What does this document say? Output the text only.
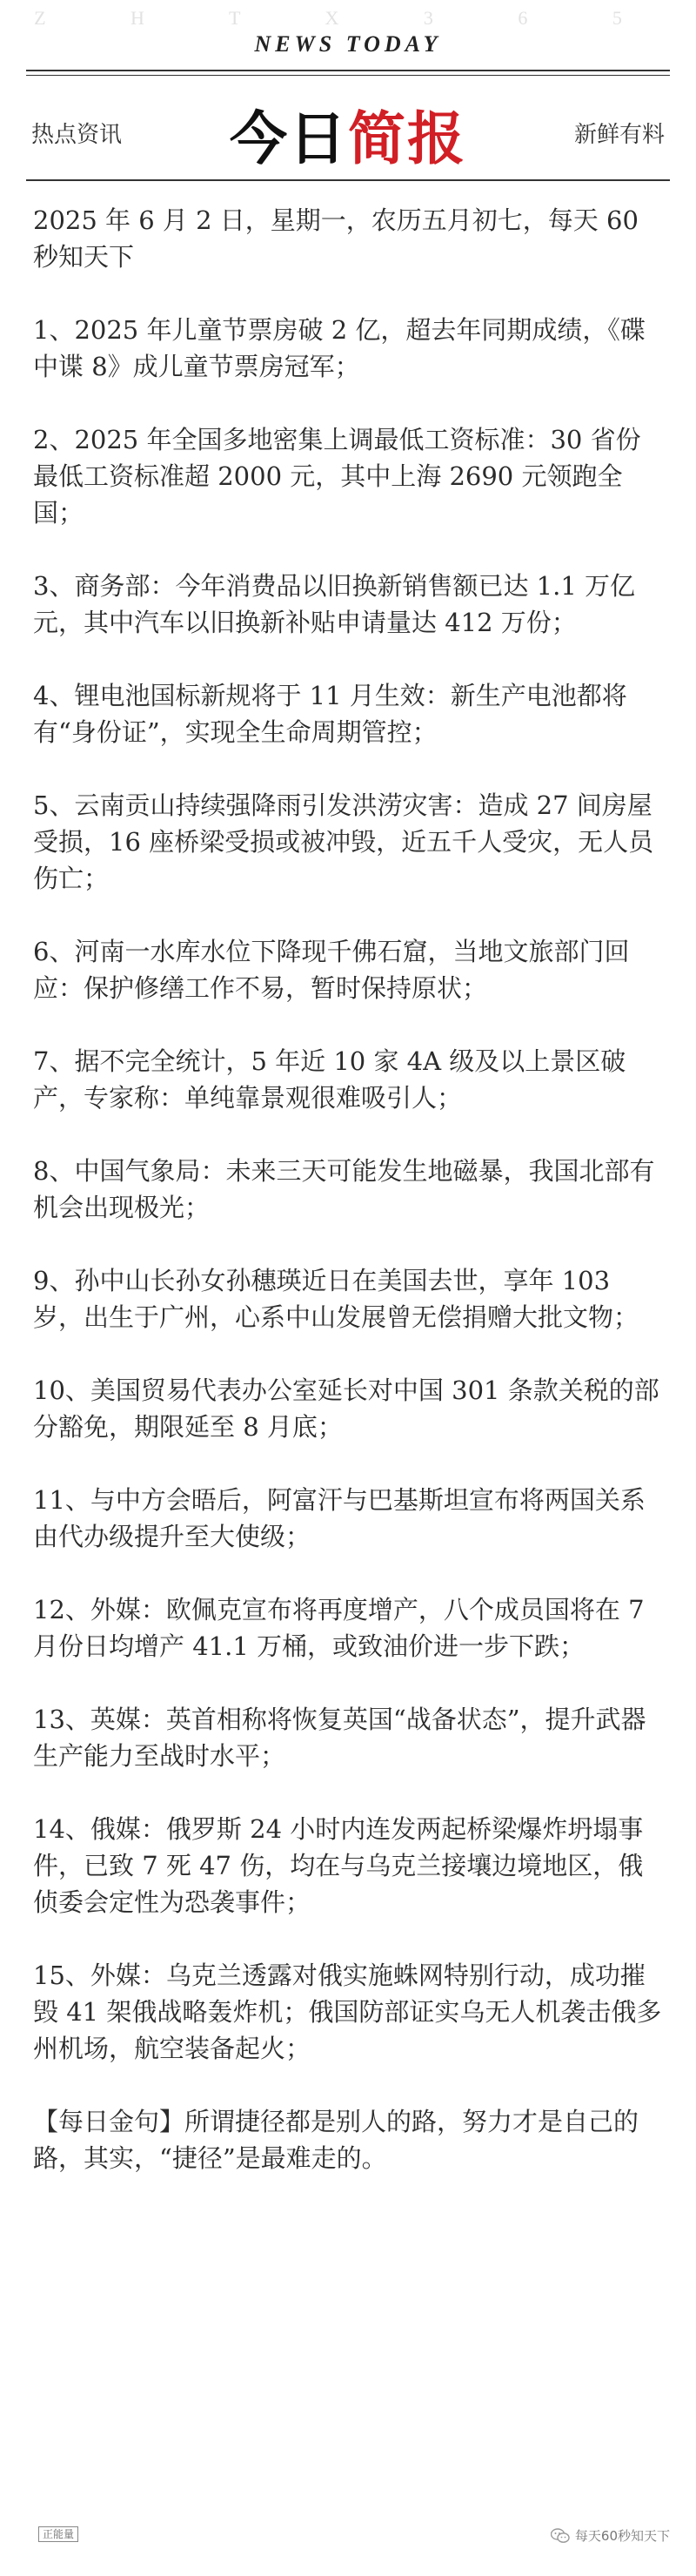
Z H T X 3 6 5
NEWS TODAY
热点资讯	今日简报	新鲜有料

2025 年 6 月 2 日，星期一，农历五月初七，每天 60 秒知天下

1、2025 年儿童节票房破 2 亿，超去年同期成绩，《碟中谍 8》成儿童节票房冠军；

2、2025 年全国多地密集上调最低工资标准：30 省份最低工资标准超 2000 元，其中上海 2690 元领跑全国；

3、商务部：今年消费品以旧换新销售额已达 1.1 万亿元，其中汽车以旧换新补贴申请量达 412 万份；

4、锂电池国标新规将于 11 月生效：新生产电池都将有“身份证”，实现全生命周期管控；

5、云南贡山持续强降雨引发洪涝灾害：造成 27 间房屋受损，16 座桥梁受损或被冲毁，近五千人受灾，无人员伤亡；

6、河南一水库水位下降现千佛石窟，当地文旅部门回应：保护修缮工作不易，暂时保持原状；

7、据不完全统计，5 年近 10 家 4A 级及以上景区破产，专家称：单纯靠景观很难吸引人；

8、中国气象局：未来三天可能发生地磁暴，我国北部有机会出现极光；

9、孙中山长孙女孙穗瑛近日在美国去世，享年 103 岁，出生于广州，心系中山发展曾无偿捐赠大批文物；

10、美国贸易代表办公室延长对中国 301 条款关税的部分豁免，期限延至 8 月底；

11、与中方会晤后，阿富汗与巴基斯坦宣布将两国关系由代办级提升至大使级；

12、外媒：欧佩克宣布将再度增产，八个成员国将在 7 月份日均增产 41.1 万桶，或致油价进一步下跌；

13、英媒：英首相称将恢复英国“战备状态”，提升武器生产能力至战时水平；

14、俄媒：俄罗斯 24 小时内连发两起桥梁爆炸坍塌事件，已致 7 死 47 伤，均在与乌克兰接壤边境地区，俄侦委会定性为恐袭事件；

15、外媒：乌克兰透露对俄实施蛛网特别行动，成功摧毁 41 架俄战略轰炸机；俄国防部证实乌无人机袭击俄多州机场，航空装备起火；

【每日金句】所谓捷径都是别人的路，努力才是自己的路，其实，“捷径”是最难走的。

正能量	每天60秒知天下
